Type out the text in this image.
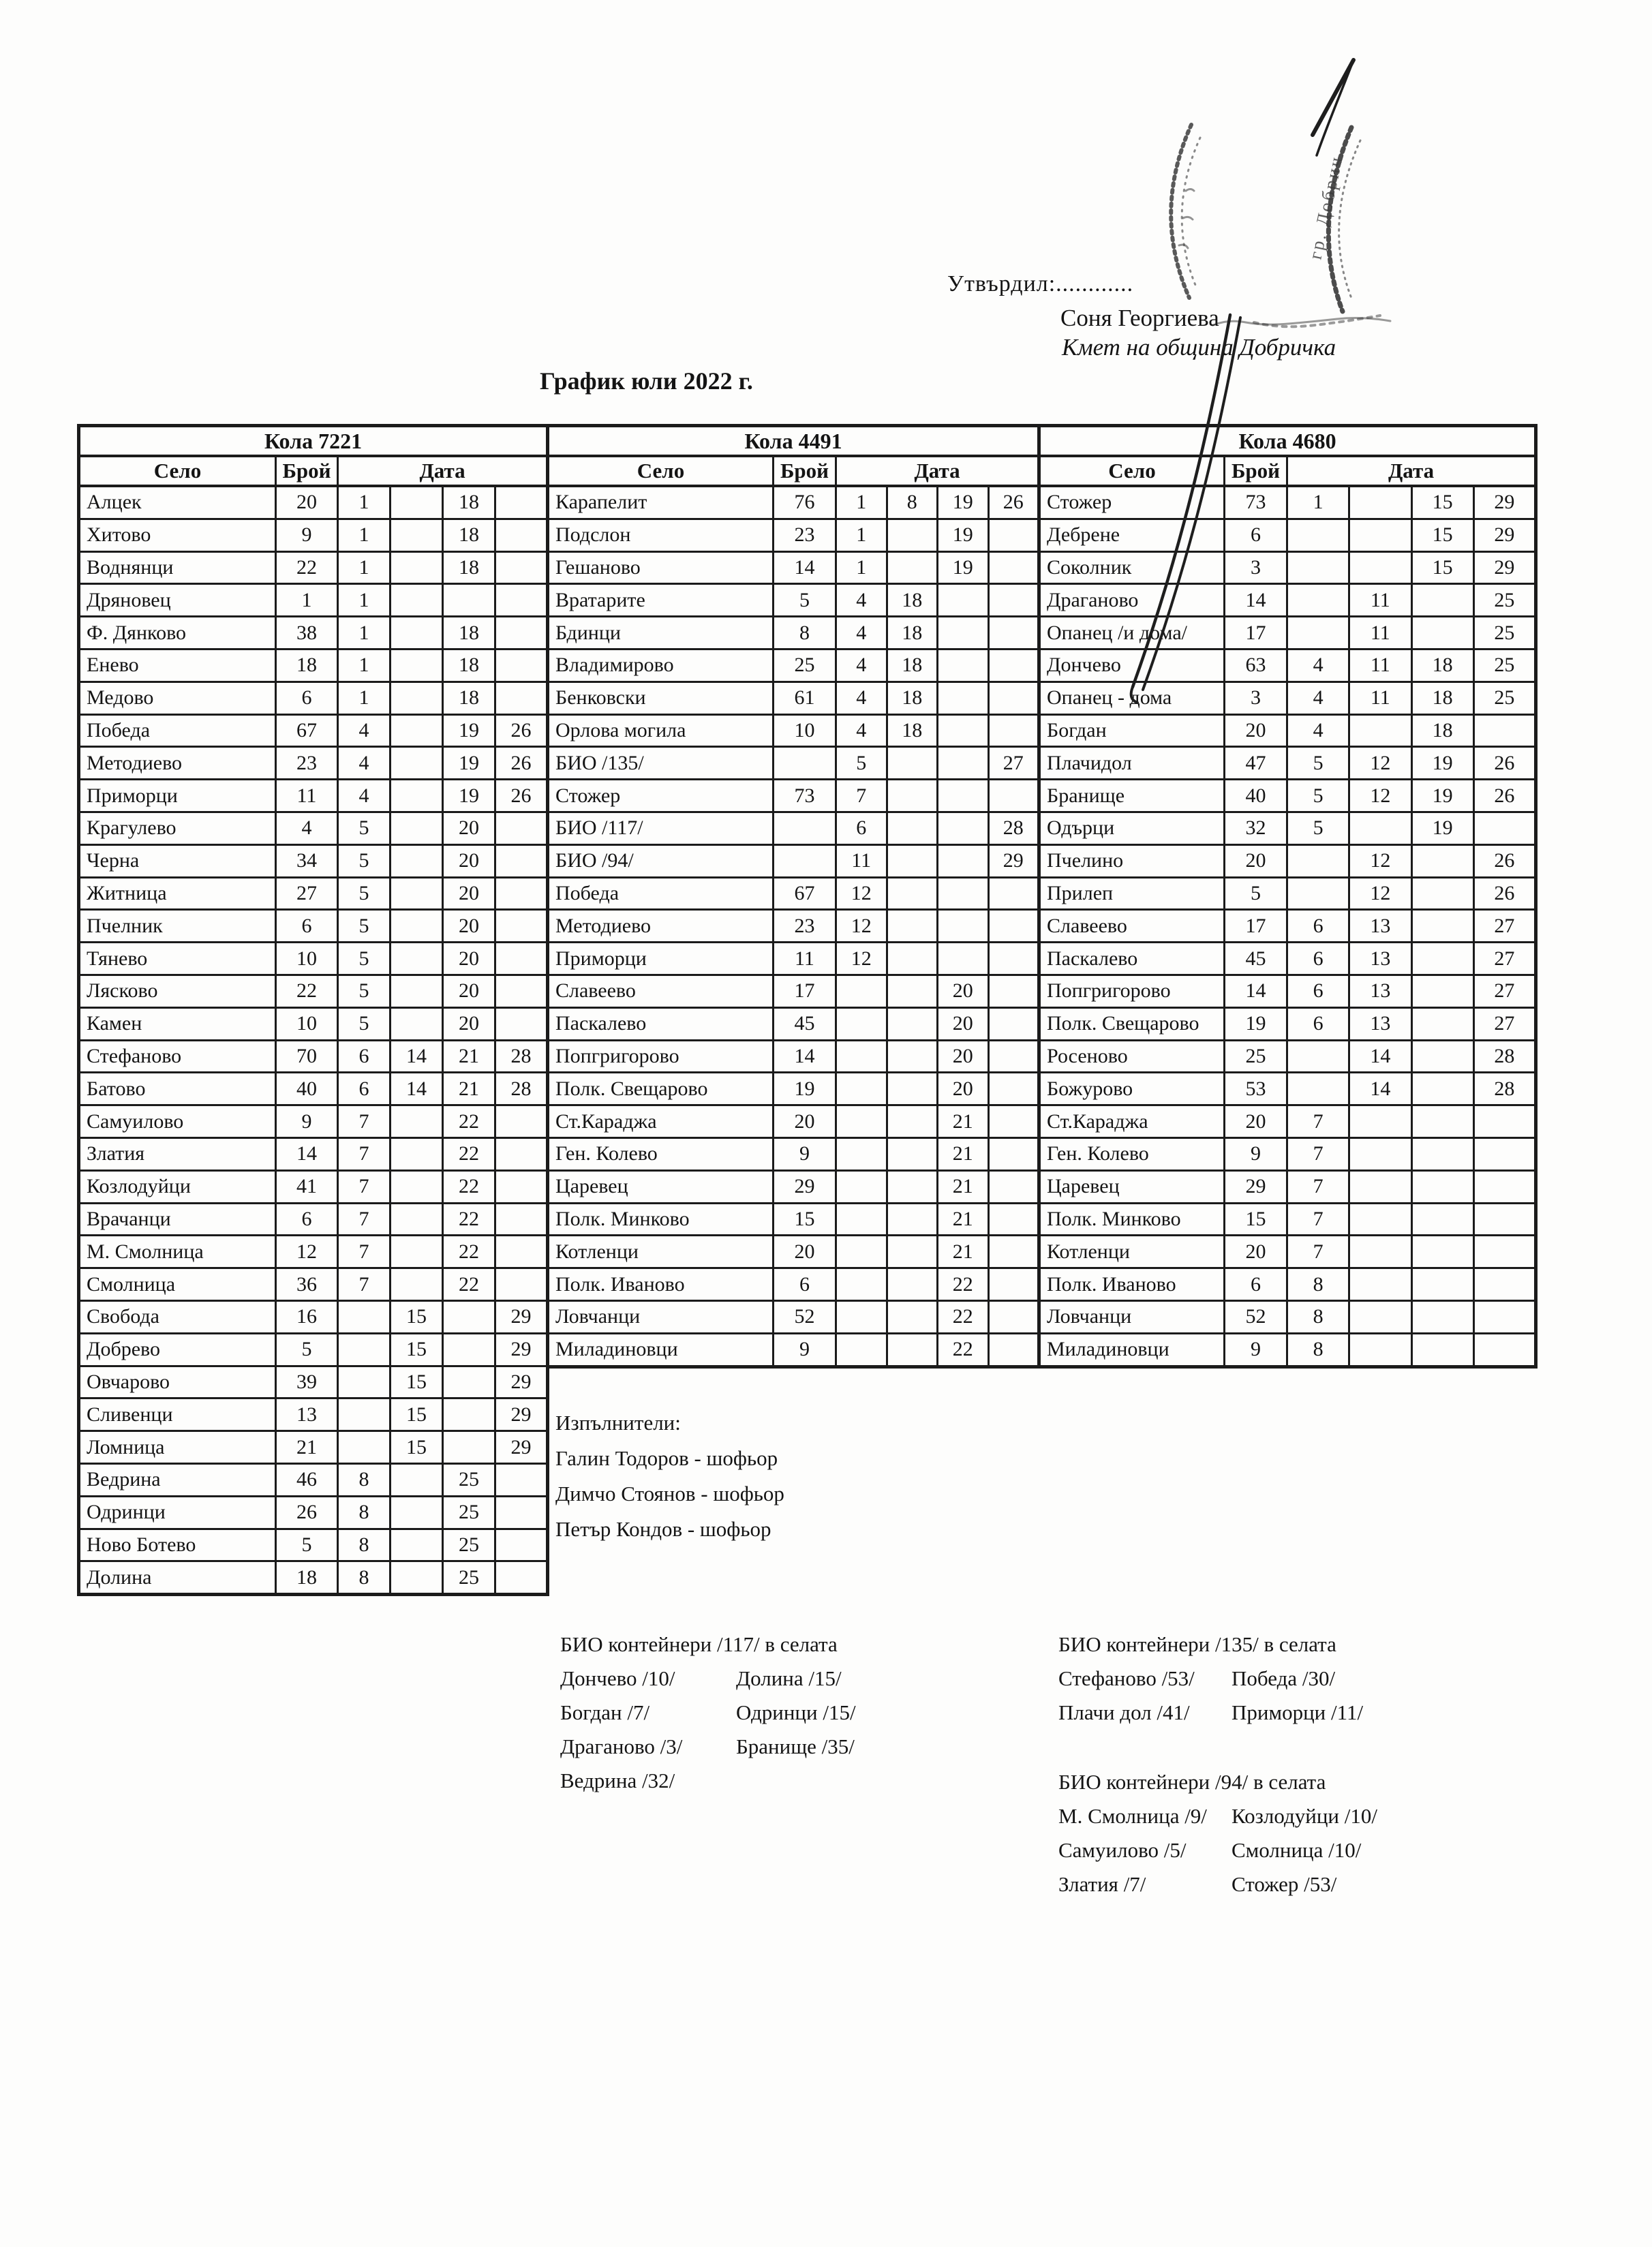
Утвърдил:............
Соня Георгиева
Кмет на община Добричка
График юли 2022 г.
Кола 7221					
Село	Брой	Дата			
Алцек	20	1		18	
Хитово	9	1		18	
Воднянци	22	1		18	
Дряновец	1	1			
Ф. Дянково	38	1		18	
Енево	18	1		18	
Медово	6	1		18	
Победа	67	4		19	26
Методиево	23	4		19	26
Приморци	11	4		19	26
Крагулево	4	5		20	
Черна	34	5		20	
Житница	27	5		20	
Пчелник	6	5		20	
Тянево	10	5		20	
Лясково	22	5		20	
Камен	10	5		20	
Стефаново	70	6	14	21	28
Батово	40	6	14	21	28
Самуилово	9	7		22	
Златия	14	7		22	
Козлодуйци	41	7		22	
Врачанци	6	7		22	
М. Смолница	12	7		22	
Смолница	36	7		22	
Свобода	16		15		29
Добрево	5		15		29
Овчарово	39		15		29
Сливенци	13		15		29
Ломница	21		15		29
Ведрина	46	8		25	
Одринци	26	8		25	
Ново Ботево	5	8		25	
Долина	18	8		25	
Кола 4491					
Село	Брой	Дата			
Карапелит	76	1	8	19	26
Подслон	23	1		19	
Гешаново	14	1		19	
Вратарите	5	4	18		
Бдинци	8	4	18		
Владимирово	25	4	18		
Бенковски	61	4	18		
Орлова могила	10	4	18		
БИО /135/		5			27
Стожер	73	7			
БИО /117/		6			28
БИО /94/		11			29
Победа	67	12			
Методиево	23	12			
Приморци	11	12			
Славеево	17			20	
Паскалево	45			20	
Попгригорово	14			20	
Полк. Свещарово	19			20	
Ст.Караджа	20			21	
Ген. Колево	9			21	
Царевец	29			21	
Полк. Минково	15			21	
Котленци	20			21	
Полк. Иваново	6			22	
Ловчанци	52			22	
Миладиновци	9			22	
Кола 4680					
Село	Брой	Дата			
Стожер	73	1		15	29
Дебрене	6			15	29
Соколник	3			15	29
Драганово	14		11		25
Опанец /и дома/	17		11		25
Дончево	63	4	11	18	25
Опанец - дома	3	4	11	18	25
Богдан	20	4		18	
Плачидол	47	5	12	19	26
Бранище	40	5	12	19	26
Одърци	32	5		19	
Пчелино	20		12		26
Прилеп	5		12		26
Славеево	17	6	13		27
Паскалево	45	6	13		27
Попгригорово	14	6	13		27
Полк. Свещарово	19	6	13		27
Росеново	25		14		28
Божурово	53		14		28
Ст.Караджа	20	7			
Ген. Колево	9	7			
Царевец	29	7			
Полк. Минково	15	7			
Котленци	20	7			
Полк. Иваново	6	8			
Ловчанци	52	8			
Миладиновци	9	8			
Изпълнители:
Галин Тодоров - шофьор
Димчо Стоянов - шофьор
Петър Кондов - шофьор
БИО контейнери /117/ в селата
Дончево /10/
Богдан /7/
Драганово /3/
Ведрина /32/
Долина /15/
Одринци /15/
Бранище /35/
БИО контейнери /135/ в селата
Стефаново /53/
Плачи дол /41/
Победа /30/
Приморци /11/
БИО контейнери /94/ в селата
М. Смолница /9/
Самуилово /5/
Златия /7/
Козлодуйци /10/
Смолница /10/
Стожер /53/
гр. Добрич
